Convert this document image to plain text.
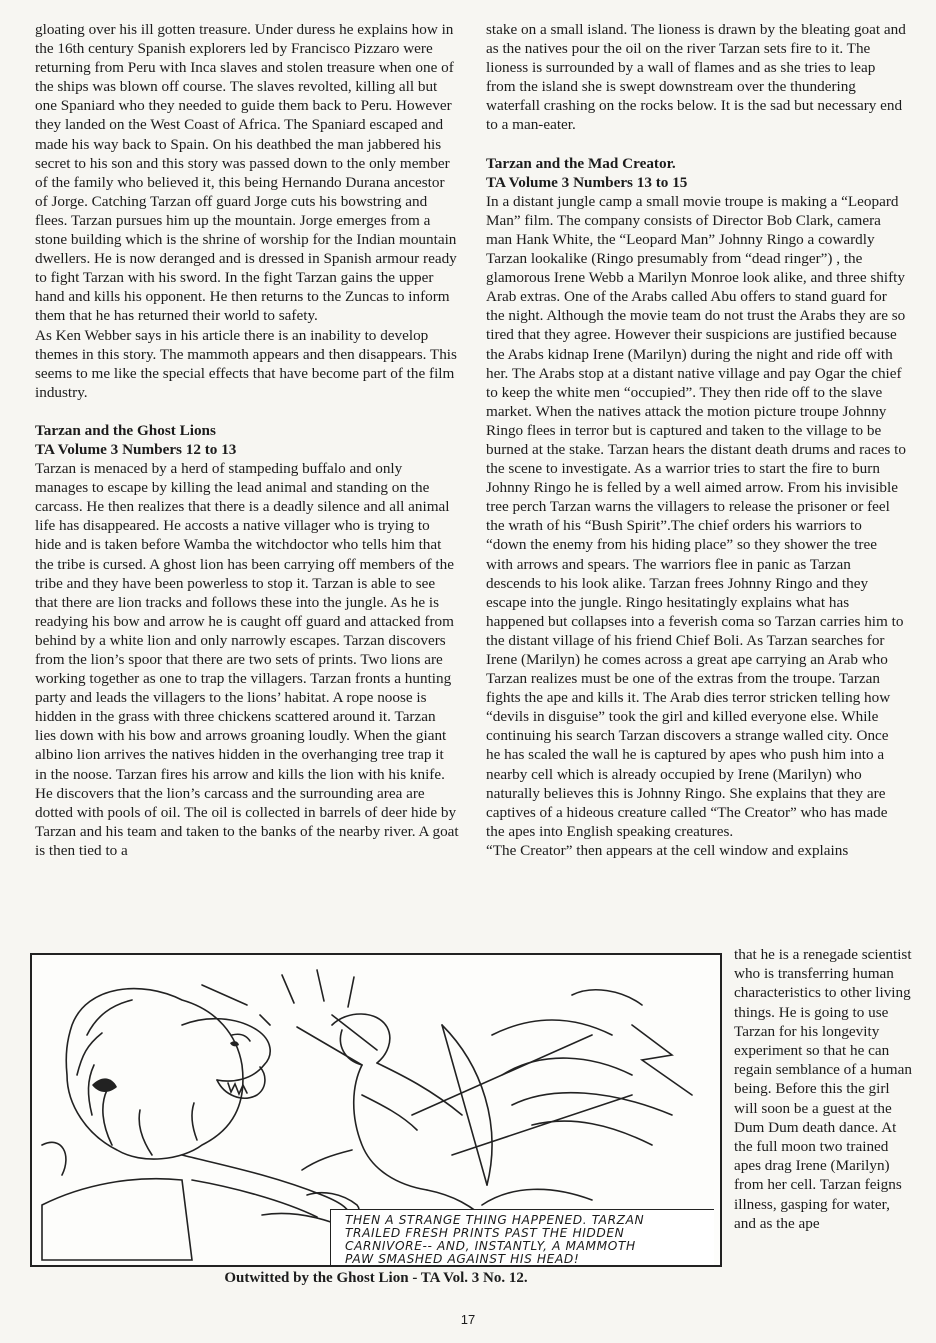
gloating over his ill gotten treasure. Under duress he explains how in the 16th century Spanish explorers led by Francisco Pizzaro were returning from Peru with Inca slaves and stolen treasure when one of the ships was blown off course. The slaves revolted, killing all but one Spaniard who they needed to guide them back to Peru. However they landed on the West Coast of Africa. The Spaniard escaped and made his way back to Spain. On his deathbed the man jabbered his secret to his son and this story was passed down to the only member of the family who believed it, this being Hernando Durana ancestor of Jorge. Catching Tarzan off guard Jorge cuts his bowstring and flees. Tarzan pursues him up the mountain. Jorge emerges from a stone building which is the shrine of worship for the Indian mountain dwellers. He is now deranged and is dressed in Spanish armour ready to fight Tarzan with his sword. In the fight Tarzan gains the upper hand and kills his opponent. He then returns to the Zuncas to inform them that he has returned their world to safety.

As Ken Webber says in his article there is an inability to develop themes in this story. The mammoth appears and then disappears. This seems to me like the special effects that have become part of the film industry.

Tarzan and the Ghost Lions

TA Volume 3 Numbers 12 to 13

Tarzan is menaced by a herd of stampeding buffalo and only manages to escape by killing the lead animal and standing on the carcass. He then realizes that there is a deadly silence and all animal life has disappeared. He accosts a native villager who is trying to hide and is taken before Wamba the witchdoctor who tells him that the tribe is cursed. A ghost lion has been carrying off members of the tribe and they have been powerless to stop it. Tarzan is able to see that there are lion tracks and follows these into the jungle. As he is readying his bow and arrow he is caught off guard and attacked from behind by a white lion and only narrowly escapes. Tarzan discovers from the lion’s spoor that there are two sets of prints. Two lions are working together as one to trap the villagers. Tarzan fronts a hunting party and leads the villagers to the lions’ habitat. A rope noose is hidden in the grass with three chickens scattered around it. Tarzan lies down with his bow and arrows groaning loudly. When the giant albino lion arrives the natives hidden in the overhanging tree trap it in the noose. Tarzan fires his arrow and kills the lion with his knife. He discovers that the lion’s carcass and the surrounding area are dotted with pools of oil. The oil is collected in barrels of deer hide by Tarzan and his team and taken to the banks of the nearby river. A goat is then tied to a

stake on a small island. The lioness is drawn by the bleating goat and as the natives pour the oil on the river Tarzan sets fire to it. The lioness is surrounded by a wall of flames and as she tries to leap from the island she is swept downstream over the thundering waterfall crashing on the rocks below. It is the sad but necessary end to a man-eater.

Tarzan and the Mad Creator.

TA Volume 3 Numbers 13 to 15

In a distant jungle camp a small movie troupe is making a “Leopard Man” film. The company consists of Director Bob Clark, camera man Hank White, the “Leopard Man” Johnny Ringo a cowardly Tarzan lookalike (Ringo presumably from “dead ringer”) , the glamorous Irene Webb a Marilyn Monroe look alike, and three shifty Arab extras. One of the Arabs called Abu offers to stand guard for the night. Although the movie team do not trust the Arabs they are so tired that they agree. However their suspicions are justified because the Arabs kidnap Irene (Marilyn) during the night and ride off with her. The Arabs stop at a distant native village and pay Ogar the chief to keep the white men “occupied”. They then ride off to the slave market. When the natives attack the motion picture troupe Johnny Ringo flees in terror but is captured and taken to the village to be burned at the stake. Tarzan hears the distant death drums and races to the scene to investigate. As a warrior tries to start the fire to burn Johnny Ringo he is felled by a well aimed arrow. From his invisible tree perch Tarzan warns the villagers to release the prisoner or feel the wrath of his “Bush Spirit”.The chief orders his warriors to “down the enemy from his hiding place” so they shower the tree with arrows and spears. The warriors flee in panic as Tarzan descends to his look alike. Tarzan frees Johnny Ringo and they escape into the jungle. Ringo hesitatingly explains what has happened but collapses into a feverish coma so Tarzan carries him to the distant village of his friend Chief Boli. As Tarzan searches for Irene (Marilyn) he comes across a great ape carrying an Arab who Tarzan realizes must be one of the extras from the troupe. Tarzan fights the ape and kills it. The Arab dies terror stricken telling how “devils in disguise” took the girl and killed everyone else. While continuing his search Tarzan discovers a strange walled city. Once he has scaled the wall he is captured by apes who push him into a nearby cell which is already occupied by Irene (Marilyn) who naturally believes this is Johnny Ringo. She explains that they are captives of a hideous creature called “The Creator” who has made the apes into English speaking creatures.

“The Creator” then appears at the cell window and explains

that he is a renegade scientist who is transferring human characteristics to other living things. He is going to use Tarzan for his longevity experiment so that he can regain semblance of a human being. Before this the girl will soon be a guest at the Dum Dum death dance. At the full moon two trained apes drag Irene (Marilyn) from her cell. Tarzan feigns illness, gasping for water, and as the ape
THEN A STRANGE THING HAPPENED. TARZAN
TRAILED FRESH PRINTS PAST THE HIDDEN
CARNIVORE-- AND, INSTANTLY, A MAMMOTH
PAW SMASHED AGAINST HIS HEAD!
Outwitted by the Ghost Lion - TA Vol. 3 No. 12.
17
